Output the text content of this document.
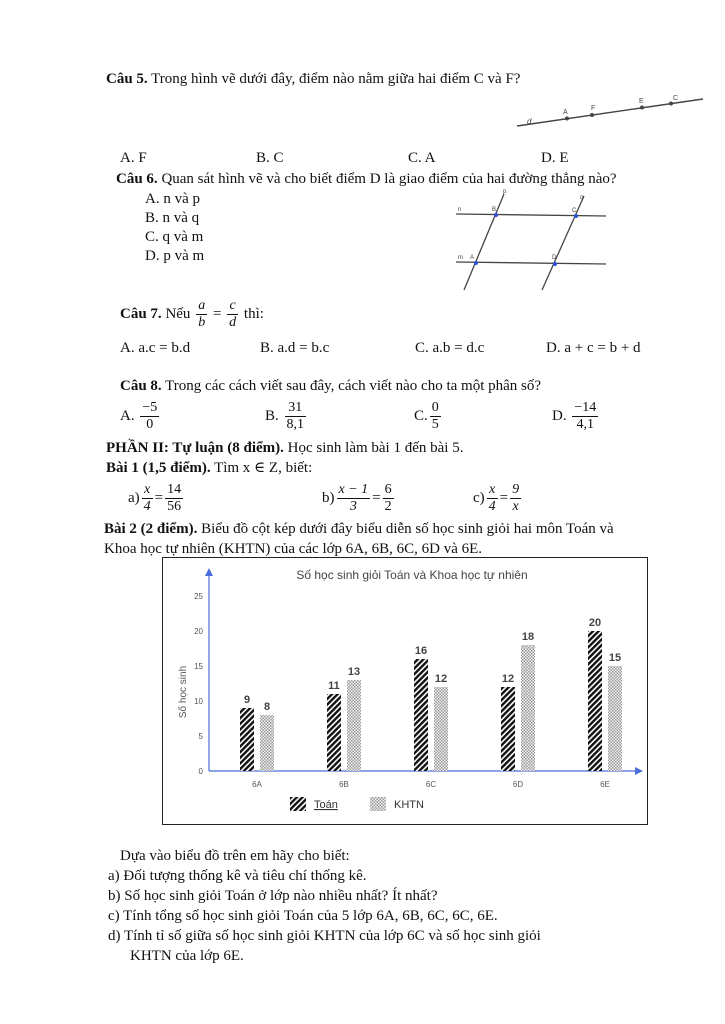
Câu 5. Trong hình vẽ dưới đây, điểm nào nằm giữa hai điểm C và F?
d
A
F
E	C
A. F	B. C	C. A	D. E
Câu 6. Quan sát hình vẽ và cho biết điểm D là giao điểm của hai đường thẳng nào?
A. n và p
B. n và q
C. q và m
D. p và m
n
m
p
q
B	C
A	D
Câu 7. Nếu $\frac{a}{b} = \frac{c}{d}$ thì:
A. a.c = b.d	B. a.d = b.c	C. a.b = d.c	D. a + c = b + d
Câu 8. Trong các cách viết sau đây, cách viết nào cho ta một phân số?
A. $\frac{-5}{0}$	B. $\frac{31}{8,1}$	C. $\frac{0}{5}$	D. $\frac{-14}{4,1}$
PHẦN II: Tự luận (8 điểm). Học sinh làm bài 1 đến bài 5.
Bài 1 (1,5 điểm). Tìm x ∈ Z, biết:
$a) \frac{x}{4} = \frac{14}{56}$	$b) \frac{x - 1}{3} = \frac{6}{2}$	$c) \frac{x}{4} = \frac{9}{x}$
Bài 2 (2 điểm). Biểu đồ cột kép dưới đây biểu diễn số học sinh giỏi hai môn Toán và
Khoa học tự nhiên (KHTN) của các lớp 6A, 6B, 6C, 6D và 6E.
Số học sinh giỏi Toán và Khoa học tự nhiên
Số học sinh
0
5
10
15
20
25
9
8
6A
11
13
6B
16
12
6C
12
18
6D
20
15
6E
Toán	KHTN
Dựa vào biểu đồ trên em hãy cho biết:
a) Đối tượng thống kê và tiêu chí thống kê.
b) Số học sinh giỏi Toán ở lớp nào nhiều nhất? Ít nhất?
c) Tính tổng số học sinh giỏi Toán của 5 lớp 6A, 6B, 6C, 6C, 6E.
d) Tính tỉ số giữa số học sinh giỏi KHTN của lớp 6C và số học sinh giỏi
KHTN của lớp 6E.
